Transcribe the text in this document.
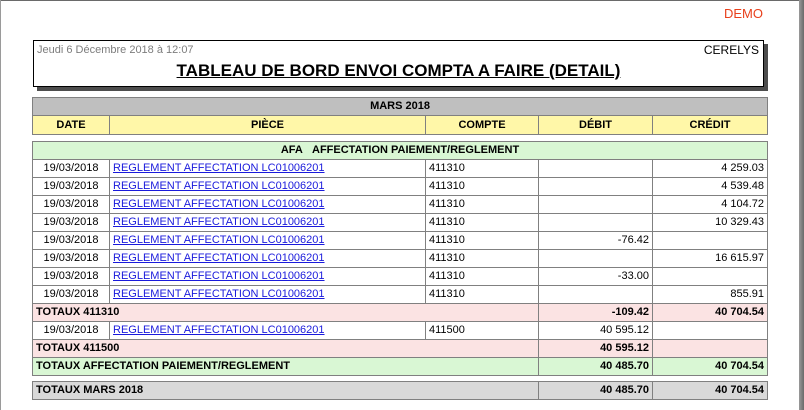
DEMO
Jeudi 6 Décembre 2018 à 12:07	CERELYS
TABLEAU DE BORD ENVOI COMPTA A FAIRE (DETAIL)
MARS 2018				
DATE	PIÈCE	COMPTE	DÉBIT	CRÉDIT

AFA AFFECTATION PAIEMENT/REGLEMENT				
19/03/2018	REGLEMENT AFFECTATION LC01006201	411310		4 259.03
19/03/2018	REGLEMENT AFFECTATION LC01006201	411310		4 539.48
19/03/2018	REGLEMENT AFFECTATION LC01006201	411310		4 104.72
19/03/2018	REGLEMENT AFFECTATION LC01006201	411310		10 329.43
19/03/2018	REGLEMENT AFFECTATION LC01006201	411310	-76.42	
19/03/2018	REGLEMENT AFFECTATION LC01006201	411310		16 615.97
19/03/2018	REGLEMENT AFFECTATION LC01006201	411310	-33.00	
19/03/2018	REGLEMENT AFFECTATION LC01006201	411310		855.91
TOTAUX 411310			-109.42	40 704.54
19/03/2018	REGLEMENT AFFECTATION LC01006201	411500	40 595.12	
TOTAUX 411500			40 595.12	
TOTAUX AFFECTATION PAIEMENT/REGLEMENT			40 485.70	40 704.54

TOTAUX MARS 2018			40 485.70	40 704.54
